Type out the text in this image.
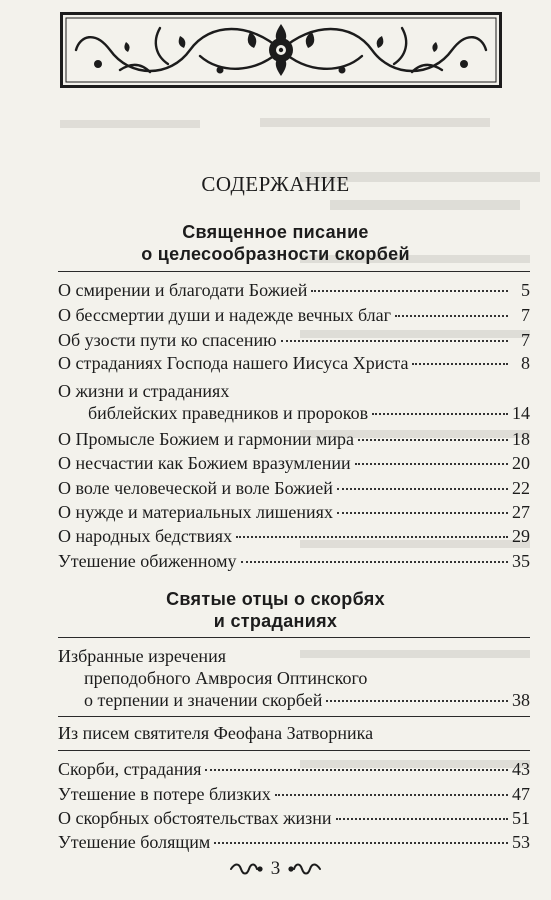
СОДЕРЖАНИЕ
Священное писание
о целесообразности скорбей
О смирении и благодати Божией	5
О бессмертии души и надежде вечных благ	7
Об узости пути ко спасению	7
О страданиях Господа нашего Иисуса Христа	8
О жизни и страданиях
библейских праведников и пророков	14
О Промысле Божием и гармонии мира	18
О несчастии как Божием вразумлении	20
О воле человеческой и воле Божией	22
О нужде и материальных лишениях	27
О народных бедствиях	29
Утешение обиженному	35
Святые отцы о скорбях
и страданиях
Избранные изречения
преподобного Амвросия Оптинского
о терпении и значении скорбей	38
Из писем святителя Феофана Затворника
Скорби, страдания	43
Утешение в потере близких	47
О скорбных обстоятельствах жизни	51
Утешение болящим	53
3
